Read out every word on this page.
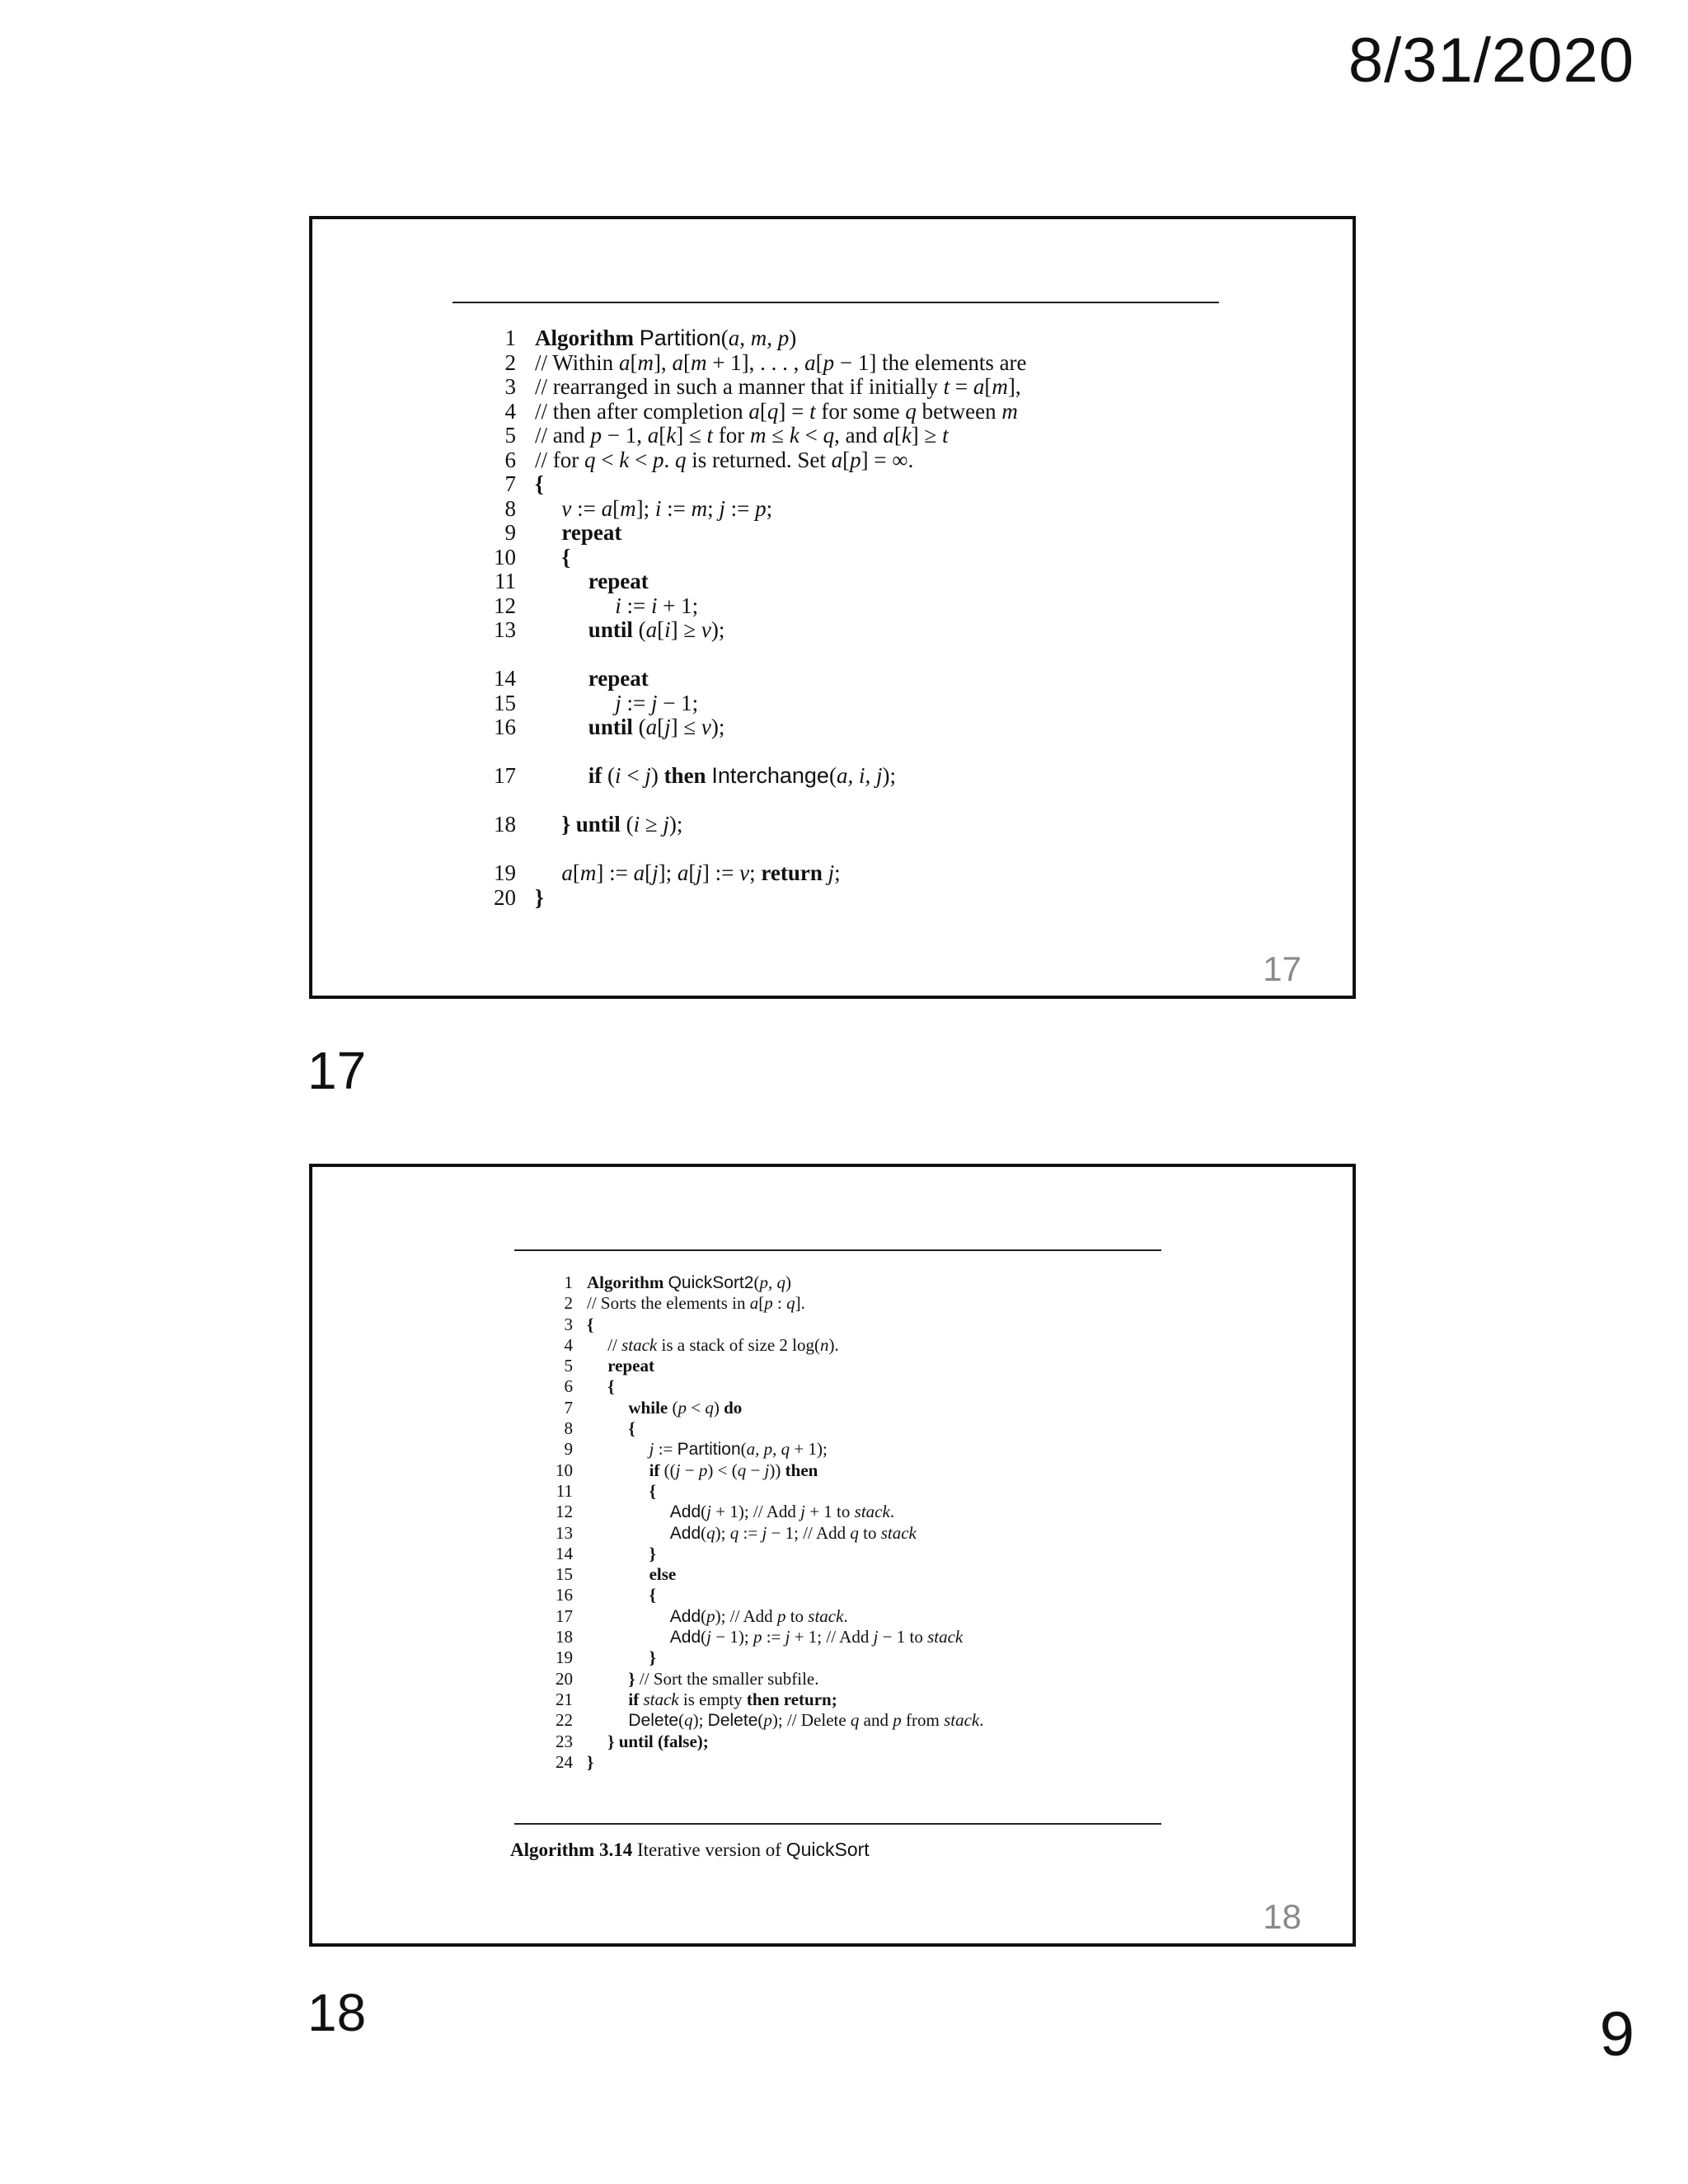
8/31/2020
1 Algorithm Partition(a, m, p)
2 // Within a[m], a[m + 1], . . . , a[p − 1] the elements are
3 // rearranged in such a manner that if initially t = a[m],
4 // then after completion a[q] = t for some q between m
5 // and p − 1, a[k] ≤ t for m ≤ k < q, and a[k] ≥ t
6 // for q < k < p. q is returned. Set a[p] = ∞.
7 {
8 v := a[m]; i := m; j := p;
9 repeat
10 {
11	repeat
12	i := i + 1;
13	until (a[i] ≥ v);
14	repeat
15	j := j − 1;
16	until (a[j] ≤ v);
17	if (i < j) then Interchange(a, i, j);
18 } until (i ≥ j);
19 a[m] := a[j]; a[j] := v; return j;
20 }
17
17
1 Algorithm QuickSort2(p, q)
2 // Sorts the elements in a[p : q].
3 {
4 // stack is a stack of size 2 log(n).
5 repeat
6 {
7	while (p < q) do
8	{
9	j := Partition(a, p, q + 1);
10	if ((j − p) < (q − j)) then
11	{
12	Add(j + 1); // Add j + 1 to stack.
13	Add(q); q := j − 1; // Add q to stack
14	}
15	else
16	{
17	Add(p); // Add p to stack.
18	Add(j − 1); p := j + 1; // Add j − 1 to stack
19	}
20	} // Sort the smaller subfile.
21	if stack is empty then return;
22	Delete(q); Delete(p); // Delete q and p from stack.
23 } until (false);
24 }
Algorithm 3.14 Iterative version of QuickSort
18
18	9
